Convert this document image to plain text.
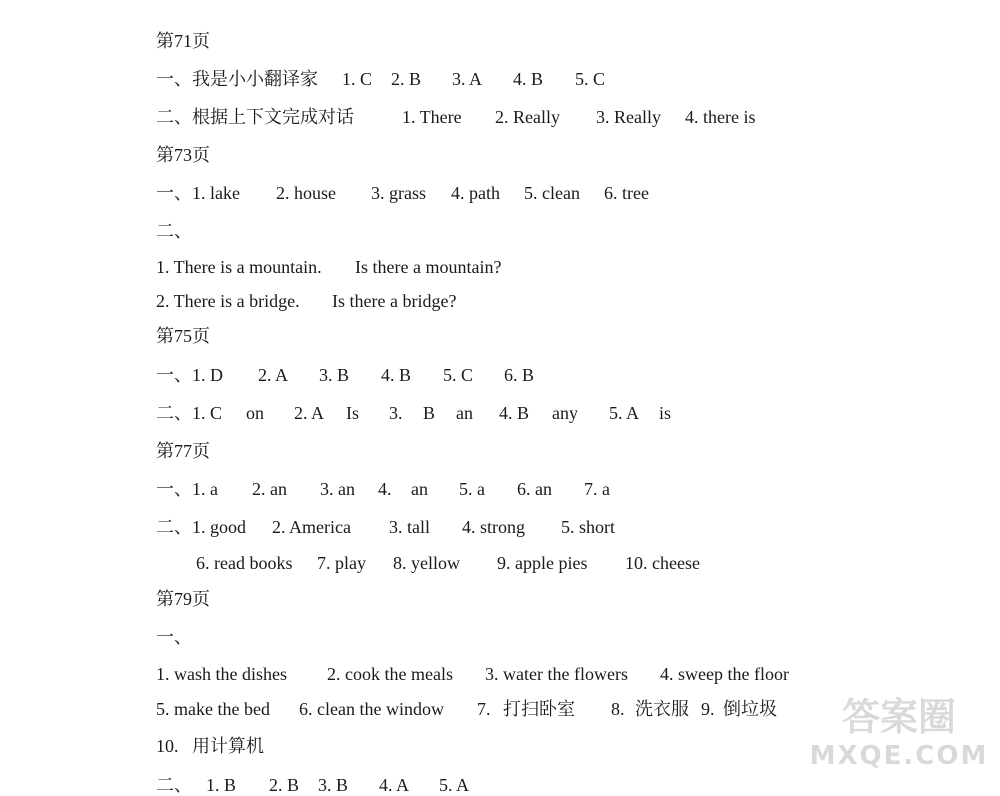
第71页

一、我是小小翻译家 1. C 2. B 3. A 4. B 5. C

二、根据上下文完成对话	1. There 2. Really 3. Really 4. there is

第73页

一、1. lake 2. house 3. grass 4. path 5. clean 6. tree

二、

1. There is a mountain. Is there a mountain?

2. There is a bridge. Is there a bridge?

第75页

一、1. D 2. A 3. B 4. B 5. C 6. B

二、1. C on 2. A Is 3. B an 4. B any 5. A is

第77页

一、1. a 2. an 3. an 4. an 5. a 6. an 7. a

二、1. good 2. America 3. tall 4. strong 5. short

6. read books 7. play 8. yellow 9. apple pies 10. cheese

第79页

一、

1. wash the dishes 2. cook the meals 3. water the flowers 4. sweep the floor

5. make the bed 6. clean the window 7. 打扫卧室 8. 洗衣服 9. 倒垃圾

10. 用计算机

二、 1. B 2. B 3. B 4. A 5. A

答案圈
MXQE.COM
